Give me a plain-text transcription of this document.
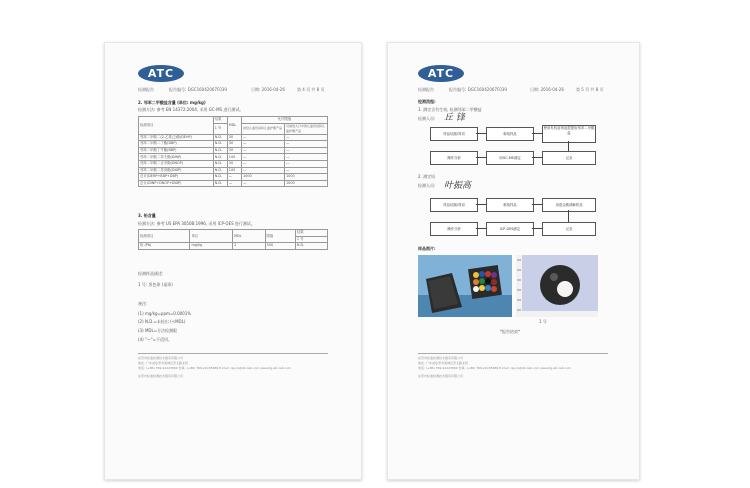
ATC
检测报告	报告编号: DGC16042007F039	日期: 2016-04-26	第 4 页 共 8 页
2. 邻苯二甲酸盐含量 (单位: mg/kg)
检测方法: 参考 EN 14372:2004, 采用 GC-MS 进行测试。
检测项目	结果	MDL	允许限值	
	1 号		供给儿童玩具和儿童护理产品	可被放入口中的儿童玩具和儿童护理产品
邻苯二甲酸二(2-乙基己)酯(DEHP)	N.D.	30	—	—
邻苯二甲酸二丁酯(DBP)	N.D.	30	—	—
邻苯二甲酸丁苄酯(BBP)	N.D.	30	—	—
邻苯二甲酸二异壬酯(DINP)	N.D.	100	—	—
邻苯二甲酸二正辛酯(DNOP)	N.D.	30	—	—
邻苯二甲酸二异癸酯(DIDP)	N.D.	100	—	—
总计(DEHP+BBP+DBP)	N.D.	—	1000	1000
总计(DINP+DNOP+DIDP)	N.D.	—	—	1000
3. 铅含量
检测方法: 参考 US EPA 3050B:1996, 采用 ICP-OES 进行测试。
检测项目	单位	MDL	限值	结果
				1 号
铅 (Pb)	mg/kg	2	300	N.D.
检测样品描述:
1 号: 黑色球 (桌球)
备注:
(1) mg/kg=ppm=0.0001%
(2) N.D.=未检出 (<MDL)
(3) MDL=方法检测限
(4) "—"=不适用。
东莞市标准检测技术服务有限公司
地址: 广东省东莞市南城区莞太路北段
电话: (+86) 769-22223569 传真: (+86) 769-22225689 E-mail: dg-cs@atc-lab.com www.dg-atc-lab.com
东莞市标准检测技术服务有限公司
ATC
检测报告	报告编号: DGC16042007F039	日期: 2016-04-26	第 5 页 共 8 页
检测流程:
1. 测定含有生效, 检测邻苯二甲酸盐
检测人员: 丘 锋
样品切割/剪切	称取样品
使用有机溶剂浸提提取邻苯二甲酸盐
操作分析	用GC-MS测定	记录
2. 测定铅
检测人员: 叶振高
样品切割/剪切	称取样品	用混合酸消解样品
操作分析	ICP-OES测定	记录
样品图片:
1 号
*报告结束*
东莞市标准检测技术服务有限公司
地址: 广东省东莞市南城区莞太路北段
电话: (+86) 769-22223569 传真: (+86) 769-22225689 E-mail: dg-cs@atc-lab.com www.dg-atc-lab.com
东莞市标准检测技术服务有限公司
